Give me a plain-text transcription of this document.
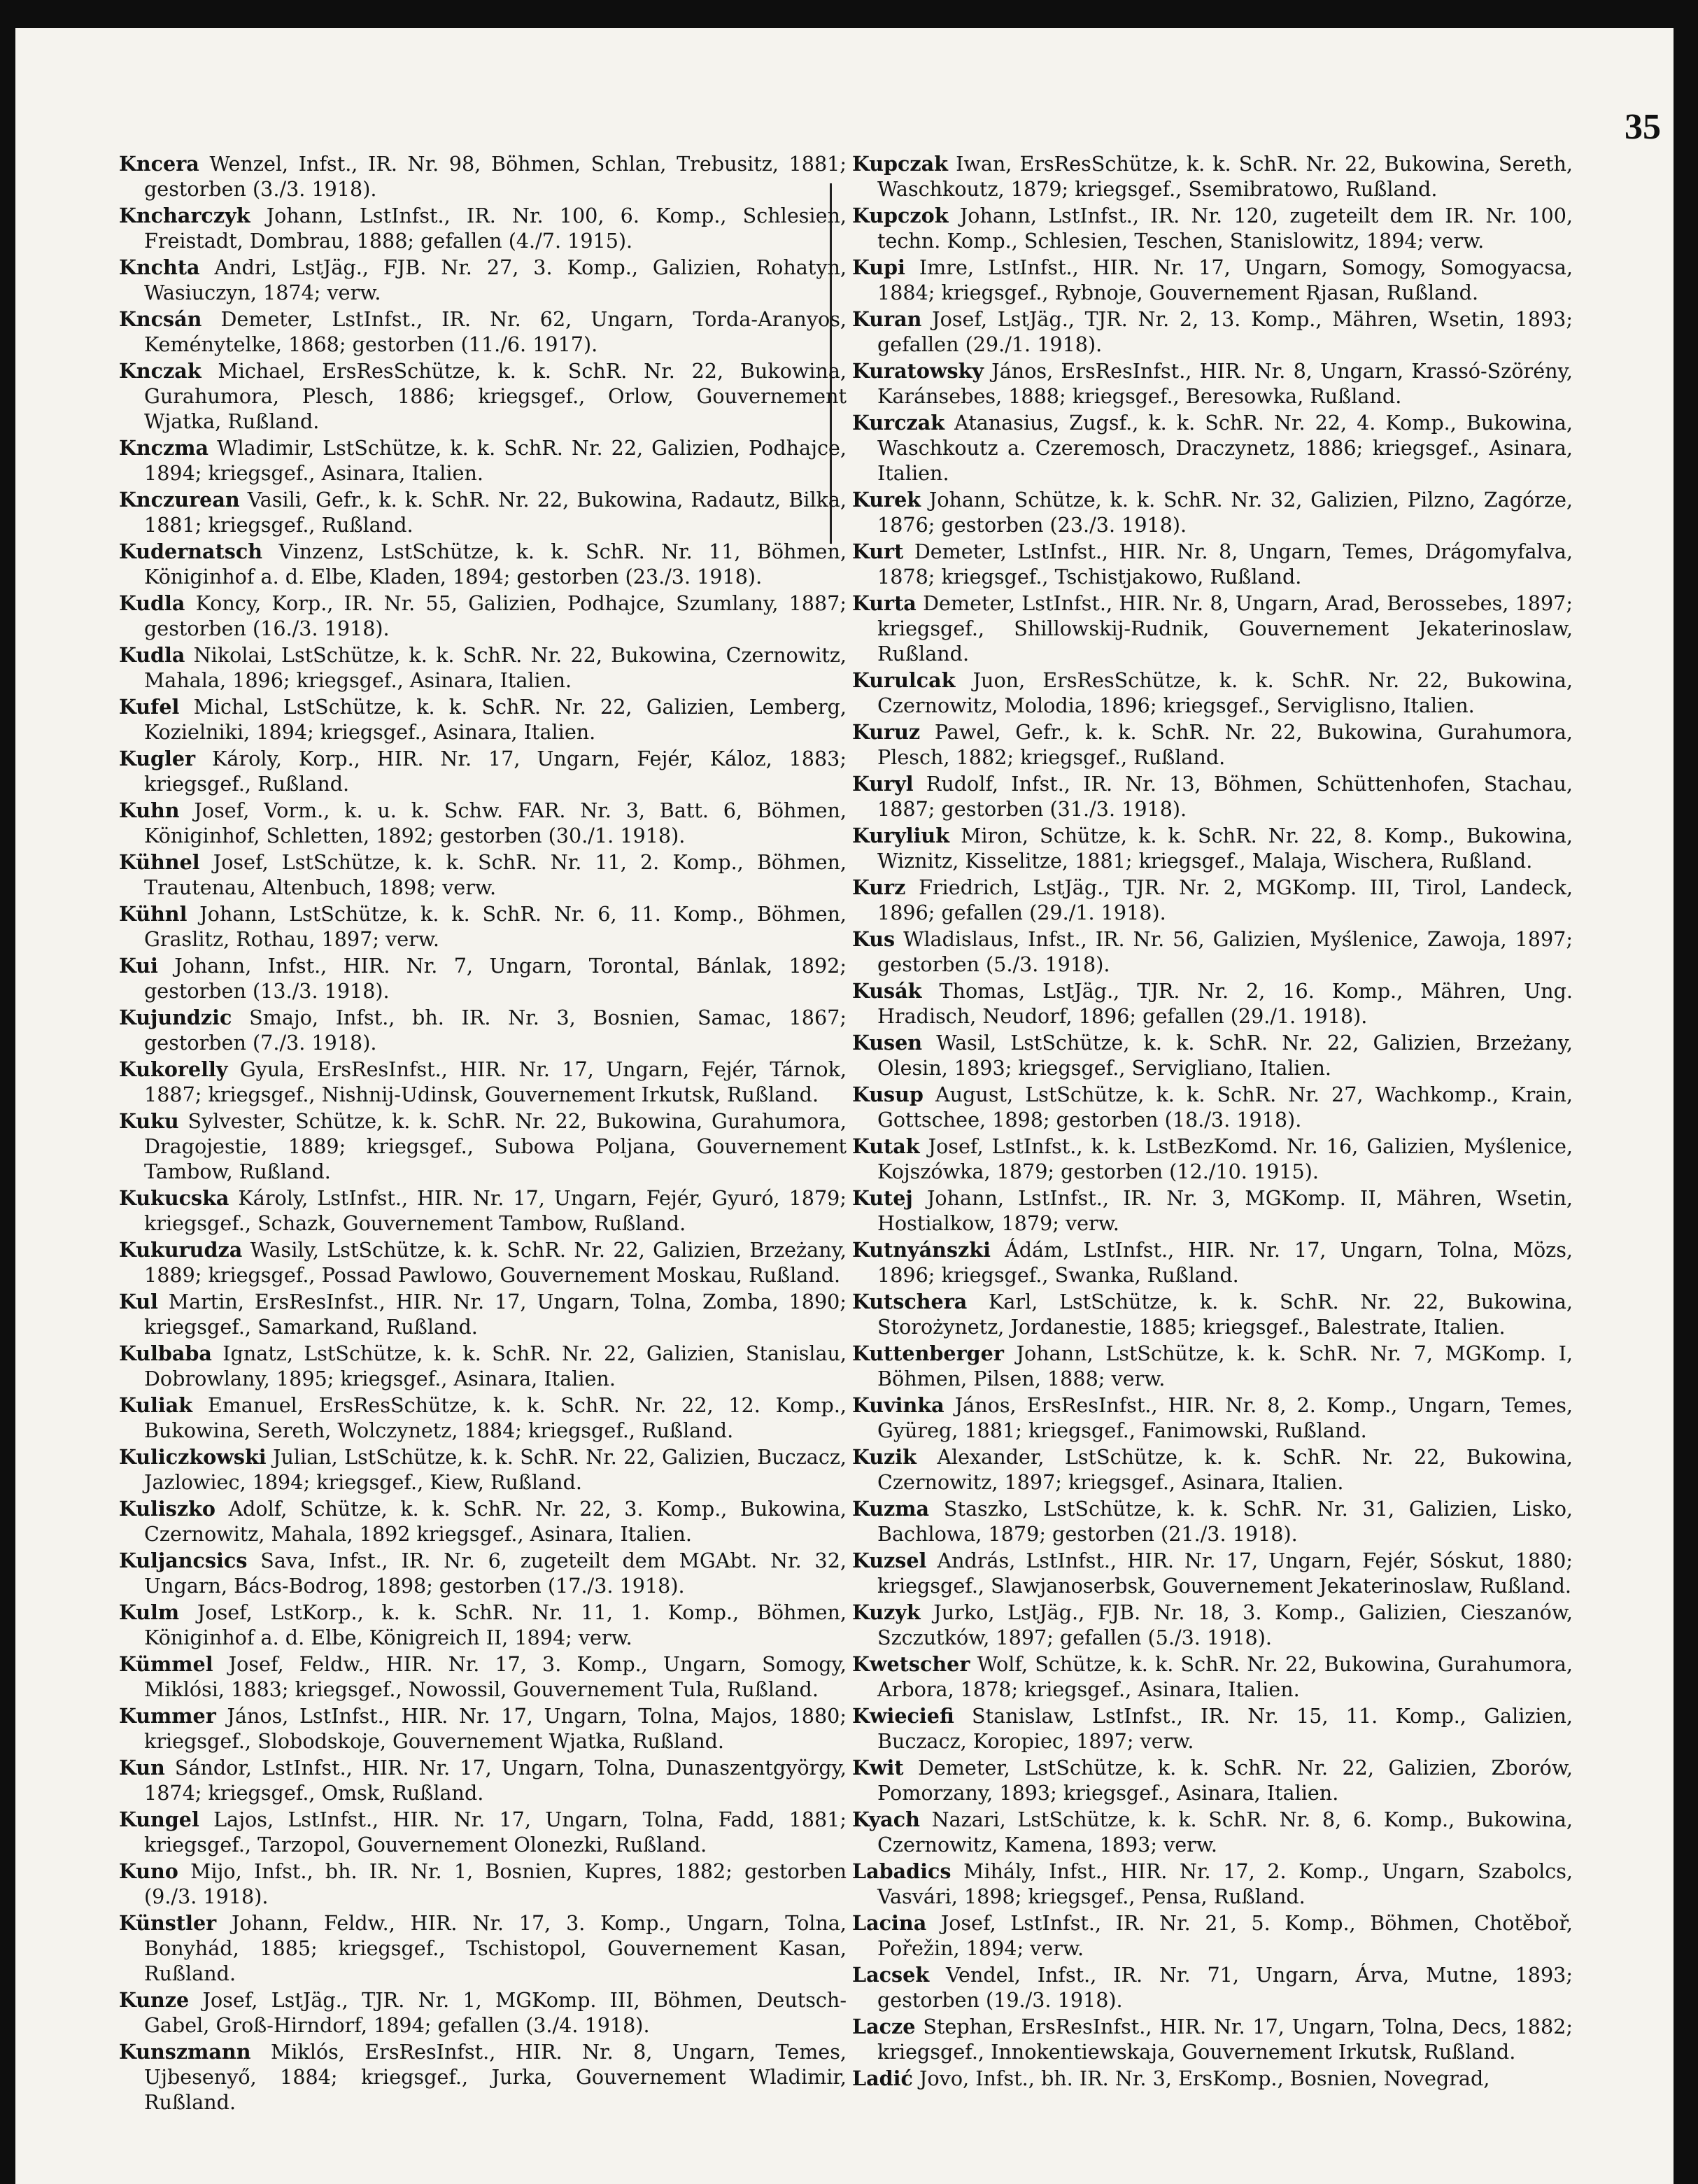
35

Kncera Wenzel, Infst., IR. Nr. 98, Böhmen, Schlan, Trebusitz, 1881; gestorben (3./3. 1918).

Kncharczyk Johann, LstInfst., IR. Nr. 100, 6. Komp., Schlesien, Freistadt, Dombrau, 1888; gefallen (4./7. 1915).

Knchta Andri, LstJäg., FJB. Nr. 27, 3. Komp., Galizien, Rohatyn, Wasiuczyn, 1874; verw.

Kncsán Demeter, LstInfst., IR. Nr. 62, Ungarn, Torda-Aranyos, Keménytelke, 1868; gestorben (11./6. 1917).

Knczak Michael, ErsResSchütze, k. k. SchR. Nr. 22, Bukowina, Gurahumora, Plesch, 1886; kriegsgef., Orlow, Gouvernement Wjatka, Rußland.

Knczma Wladimir, LstSchütze, k. k. SchR. Nr. 22, Galizien, Podhajce, 1894; kriegsgef., Asinara, Italien.

Knczurean Vasili, Gefr., k. k. SchR. Nr. 22, Bukowina, Radautz, Bilka, 1881; kriegsgef., Rußland.

Kudernatsch Vinzenz, LstSchütze, k. k. SchR. Nr. 11, Böhmen, Königinhof a. d. Elbe, Kladen, 1894; gestorben (23./3. 1918).

Kudla Koncy, Korp., IR. Nr. 55, Galizien, Podhajce, Szumlany, 1887; gestorben (16./3. 1918).

Kudla Nikolai, LstSchütze, k. k. SchR. Nr. 22, Bukowina, Czernowitz, Mahala, 1896; kriegsgef., Asinara, Italien.

Kufel Michal, LstSchütze, k. k. SchR. Nr. 22, Galizien, Lemberg, Kozielniki, 1894; kriegsgef., Asinara, Italien.

Kugler Károly, Korp., HIR. Nr. 17, Ungarn, Fejér, Káloz, 1883; kriegsgef., Rußland.

Kuhn Josef, Vorm., k. u. k. Schw. FAR. Nr. 3, Batt. 6, Böhmen, Königinhof, Schletten, 1892; gestorben (30./1. 1918).

Kühnel Josef, LstSchütze, k. k. SchR. Nr. 11, 2. Komp., Böhmen, Trautenau, Altenbuch, 1898; verw.

Kühnl Johann, LstSchütze, k. k. SchR. Nr. 6, 11. Komp., Böhmen, Graslitz, Rothau, 1897; verw.

Kui Johann, Infst., HIR. Nr. 7, Ungarn, Torontal, Bánlak, 1892; gestorben (13./3. 1918).

Kujundzic Smajo, Infst., bh. IR. Nr. 3, Bosnien, Samac, 1867; gestorben (7./3. 1918).

Kukorelly Gyula, ErsResInfst., HIR. Nr. 17, Ungarn, Fejér, Tárnok, 1887; kriegsgef., Nishnij-Udinsk, Gouvernement Irkutsk, Rußland.

Kuku Sylvester, Schütze, k. k. SchR. Nr. 22, Bukowina, Gurahumora, Dragojestie, 1889; kriegsgef., Subowa Poljana, Gouvernement Tambow, Rußland.

Kukucska Károly, LstInfst., HIR. Nr. 17, Ungarn, Fejér, Gyuró, 1879; kriegsgef., Schazk, Gouvernement Tambow, Rußland.

Kukurudza Wasily, LstSchütze, k. k. SchR. Nr. 22, Galizien, Brzeżany, 1889; kriegsgef., Possad Pawlowo, Gouvernement Moskau, Rußland.

Kul Martin, ErsResInfst., HIR. Nr. 17, Ungarn, Tolna, Zomba, 1890; kriegsgef., Samarkand, Rußland.

Kulbaba Ignatz, LstSchütze, k. k. SchR. Nr. 22, Galizien, Stanislau, Dobrowlany, 1895; kriegsgef., Asinara, Italien.

Kuliak Emanuel, ErsResSchütze, k. k. SchR. Nr. 22, 12. Komp., Bukowina, Sereth, Wolczynetz, 1884; kriegsgef., Rußland.

Kuliczkowski Julian, LstSchütze, k. k. SchR. Nr. 22, Galizien, Buczacz, Jazlowiec, 1894; kriegsgef., Kiew, Rußland.

Kuliszko Adolf, Schütze, k. k. SchR. Nr. 22, 3. Komp., Bukowina, Czernowitz, Mahala, 1892 kriegsgef., Asinara, Italien.

Kuljancsics Sava, Infst., IR. Nr. 6, zugeteilt dem MGAbt. Nr. 32, Ungarn, Bács-Bodrog, 1898; gestorben (17./3. 1918).

Kulm Josef, LstKorp., k. k. SchR. Nr. 11, 1. Komp., Böhmen, Königinhof a. d. Elbe, Königreich II, 1894; verw.

Kümmel Josef, Feldw., HIR. Nr. 17, 3. Komp., Ungarn, Somogy, Miklósi, 1883; kriegsgef., Nowossil, Gouvernement Tula, Rußland.

Kummer János, LstInfst., HIR. Nr. 17, Ungarn, Tolna, Majos, 1880; kriegsgef., Slobodskoje, Gouvernement Wjatka, Rußland.

Kun Sándor, LstInfst., HIR. Nr. 17, Ungarn, Tolna, Dunaszentgyörgy, 1874; kriegsgef., Omsk, Rußland.

Kungel Lajos, LstInfst., HIR. Nr. 17, Ungarn, Tolna, Fadd, 1881; kriegsgef., Tarzopol, Gouvernement Olonezki, Rußland.

Kuno Mijo, Infst., bh. IR. Nr. 1, Bosnien, Kupres, 1882; gestorben (9./3. 1918).

Künstler Johann, Feldw., HIR. Nr. 17, 3. Komp., Ungarn, Tolna, Bonyhád, 1885; kriegsgef., Tschistopol, Gouvernement Kasan, Rußland.

Kunze Josef, LstJäg., TJR. Nr. 1, MGKomp. III, Böhmen, Deutsch-Gabel, Groß-Hirndorf, 1894; gefallen (3./4. 1918).

Kunszmann Miklós, ErsResInfst., HIR. Nr. 8, Ungarn, Temes, Ujbesenyő, 1884; kriegsgef., Jurka, Gouvernement Wladimir, Rußland.

Kupczak Iwan, ErsResSchütze, k. k. SchR. Nr. 22, Bukowina, Sereth, Waschkoutz, 1879; kriegsgef., Ssemibratowo, Rußland.

Kupczok Johann, LstInfst., IR. Nr. 120, zugeteilt dem IR. Nr. 100, techn. Komp., Schlesien, Teschen, Stanislowitz, 1894; verw.

Kupi Imre, LstInfst., HIR. Nr. 17, Ungarn, Somogy, Somogyacsa, 1884; kriegsgef., Rybnoje, Gouvernement Rjasan, Rußland.

Kuran Josef, LstJäg., TJR. Nr. 2, 13. Komp., Mähren, Wsetin, 1893; gefallen (29./1. 1918).

Kuratowsky János, ErsResInfst., HIR. Nr. 8, Ungarn, Krassó-Szörény, Karánsebes, 1888; kriegsgef., Beresowka, Rußland.

Kurczak Atanasius, Zugsf., k. k. SchR. Nr. 22, 4. Komp., Bukowina, Waschkoutz a. Czeremosch, Draczynetz, 1886; kriegsgef., Asinara, Italien.

Kurek Johann, Schütze, k. k. SchR. Nr. 32, Galizien, Pilzno, Zagórze, 1876; gestorben (23./3. 1918).

Kurt Demeter, LstInfst., HIR. Nr. 8, Ungarn, Temes, Drágomyfalva, 1878; kriegsgef., Tschistjakowo, Rußland.

Kurta Demeter, LstInfst., HIR. Nr. 8, Ungarn, Arad, Berossebes, 1897; kriegsgef., Shillowskij-Rudnik, Gouvernement Jekaterinoslaw, Rußland.

Kurulcak Juon, ErsResSchütze, k. k. SchR. Nr. 22, Bukowina, Czernowitz, Molodia, 1896; kriegsgef., Serviglisno, Italien.

Kuruz Pawel, Gefr., k. k. SchR. Nr. 22, Bukowina, Gurahumora, Plesch, 1882; kriegsgef., Rußland.

Kuryl Rudolf, Infst., IR. Nr. 13, Böhmen, Schüttenhofen, Stachau, 1887; gestorben (31./3. 1918).

Kuryliuk Miron, Schütze, k. k. SchR. Nr. 22, 8. Komp., Bukowina, Wiznitz, Kisselitze, 1881; kriegsgef., Malaja, Wischera, Rußland.

Kurz Friedrich, LstJäg., TJR. Nr. 2, MGKomp. III, Tirol, Landeck, 1896; gefallen (29./1. 1918).

Kus Wladislaus, Infst., IR. Nr. 56, Galizien, Myślenice, Zawoja, 1897; gestorben (5./3. 1918).

Kusák Thomas, LstJäg., TJR. Nr. 2, 16. Komp., Mähren, Ung. Hradisch, Neudorf, 1896; gefallen (29./1. 1918).

Kusen Wasil, LstSchütze, k. k. SchR. Nr. 22, Galizien, Brzeżany, Olesin, 1893; kriegsgef., Servigliano, Italien.

Kusup August, LstSchütze, k. k. SchR. Nr. 27, Wachkomp., Krain, Gottschee, 1898; gestorben (18./3. 1918).

Kutak Josef, LstInfst., k. k. LstBezKomd. Nr. 16, Galizien, Myślenice, Kojszówka, 1879; gestorben (12./10. 1915).

Kutej Johann, LstInfst., IR. Nr. 3, MGKomp. II, Mähren, Wsetin, Hostialkow, 1879; verw.

Kutnyánszki Ádám, LstInfst., HIR. Nr. 17, Ungarn, Tolna, Mözs, 1896; kriegsgef., Swanka, Rußland.

Kutschera Karl, LstSchütze, k. k. SchR. Nr. 22, Bukowina, Storożynetz, Jordanestie, 1885; kriegsgef., Balestrate, Italien.

Kuttenberger Johann, LstSchütze, k. k. SchR. Nr. 7, MGKomp. I, Böhmen, Pilsen, 1888; verw.

Kuvinka János, ErsResInfst., HIR. Nr. 8, 2. Komp., Ungarn, Temes, Gyüreg, 1881; kriegsgef., Fanimowski, Rußland.

Kuzik Alexander, LstSchütze, k. k. SchR. Nr. 22, Bukowina, Czernowitz, 1897; kriegsgef., Asinara, Italien.

Kuzma Staszko, LstSchütze, k. k. SchR. Nr. 31, Galizien, Lisko, Bachlowa, 1879; gestorben (21./3. 1918).

Kuzsel András, LstInfst., HIR. Nr. 17, Ungarn, Fejér, Sóskut, 1880; kriegsgef., Slawjanoserbsk, Gouvernement Jekaterinoslaw, Rußland.

Kuzyk Jurko, LstJäg., FJB. Nr. 18, 3. Komp., Galizien, Cieszanów, Szczutków, 1897; gefallen (5./3. 1918).

Kwetscher Wolf, Schütze, k. k. SchR. Nr. 22, Bukowina, Gurahumora, Arbora, 1878; kriegsgef., Asinara, Italien.

Kwieciefi Stanislaw, LstInfst., IR. Nr. 15, 11. Komp., Galizien, Buczacz, Koropiec, 1897; verw.

Kwit Demeter, LstSchütze, k. k. SchR. Nr. 22, Galizien, Zborów, Pomorzany, 1893; kriegsgef., Asinara, Italien.

Kyach Nazari, LstSchütze, k. k. SchR. Nr. 8, 6. Komp., Bukowina, Czernowitz, Kamena, 1893; verw.

Labadics Mihály, Infst., HIR. Nr. 17, 2. Komp., Ungarn, Szabolcs, Vasvári, 1898; kriegsgef., Pensa, Rußland.

Lacina Josef, LstInfst., IR. Nr. 21, 5. Komp., Böhmen, Chotěboř, Pořežin, 1894; verw.

Lacsek Vendel, Infst., IR. Nr. 71, Ungarn, Árva, Mutne, 1893; gestorben (19./3. 1918).

Lacze Stephan, ErsResInfst., HIR. Nr. 17, Ungarn, Tolna, Decs, 1882; kriegsgef., Innokentiewskaja, Gouvernement Irkutsk, Rußland.

Ladić Jovo, Infst., bh. IR. Nr. 3, ErsKomp., Bosnien, Novegrad,
